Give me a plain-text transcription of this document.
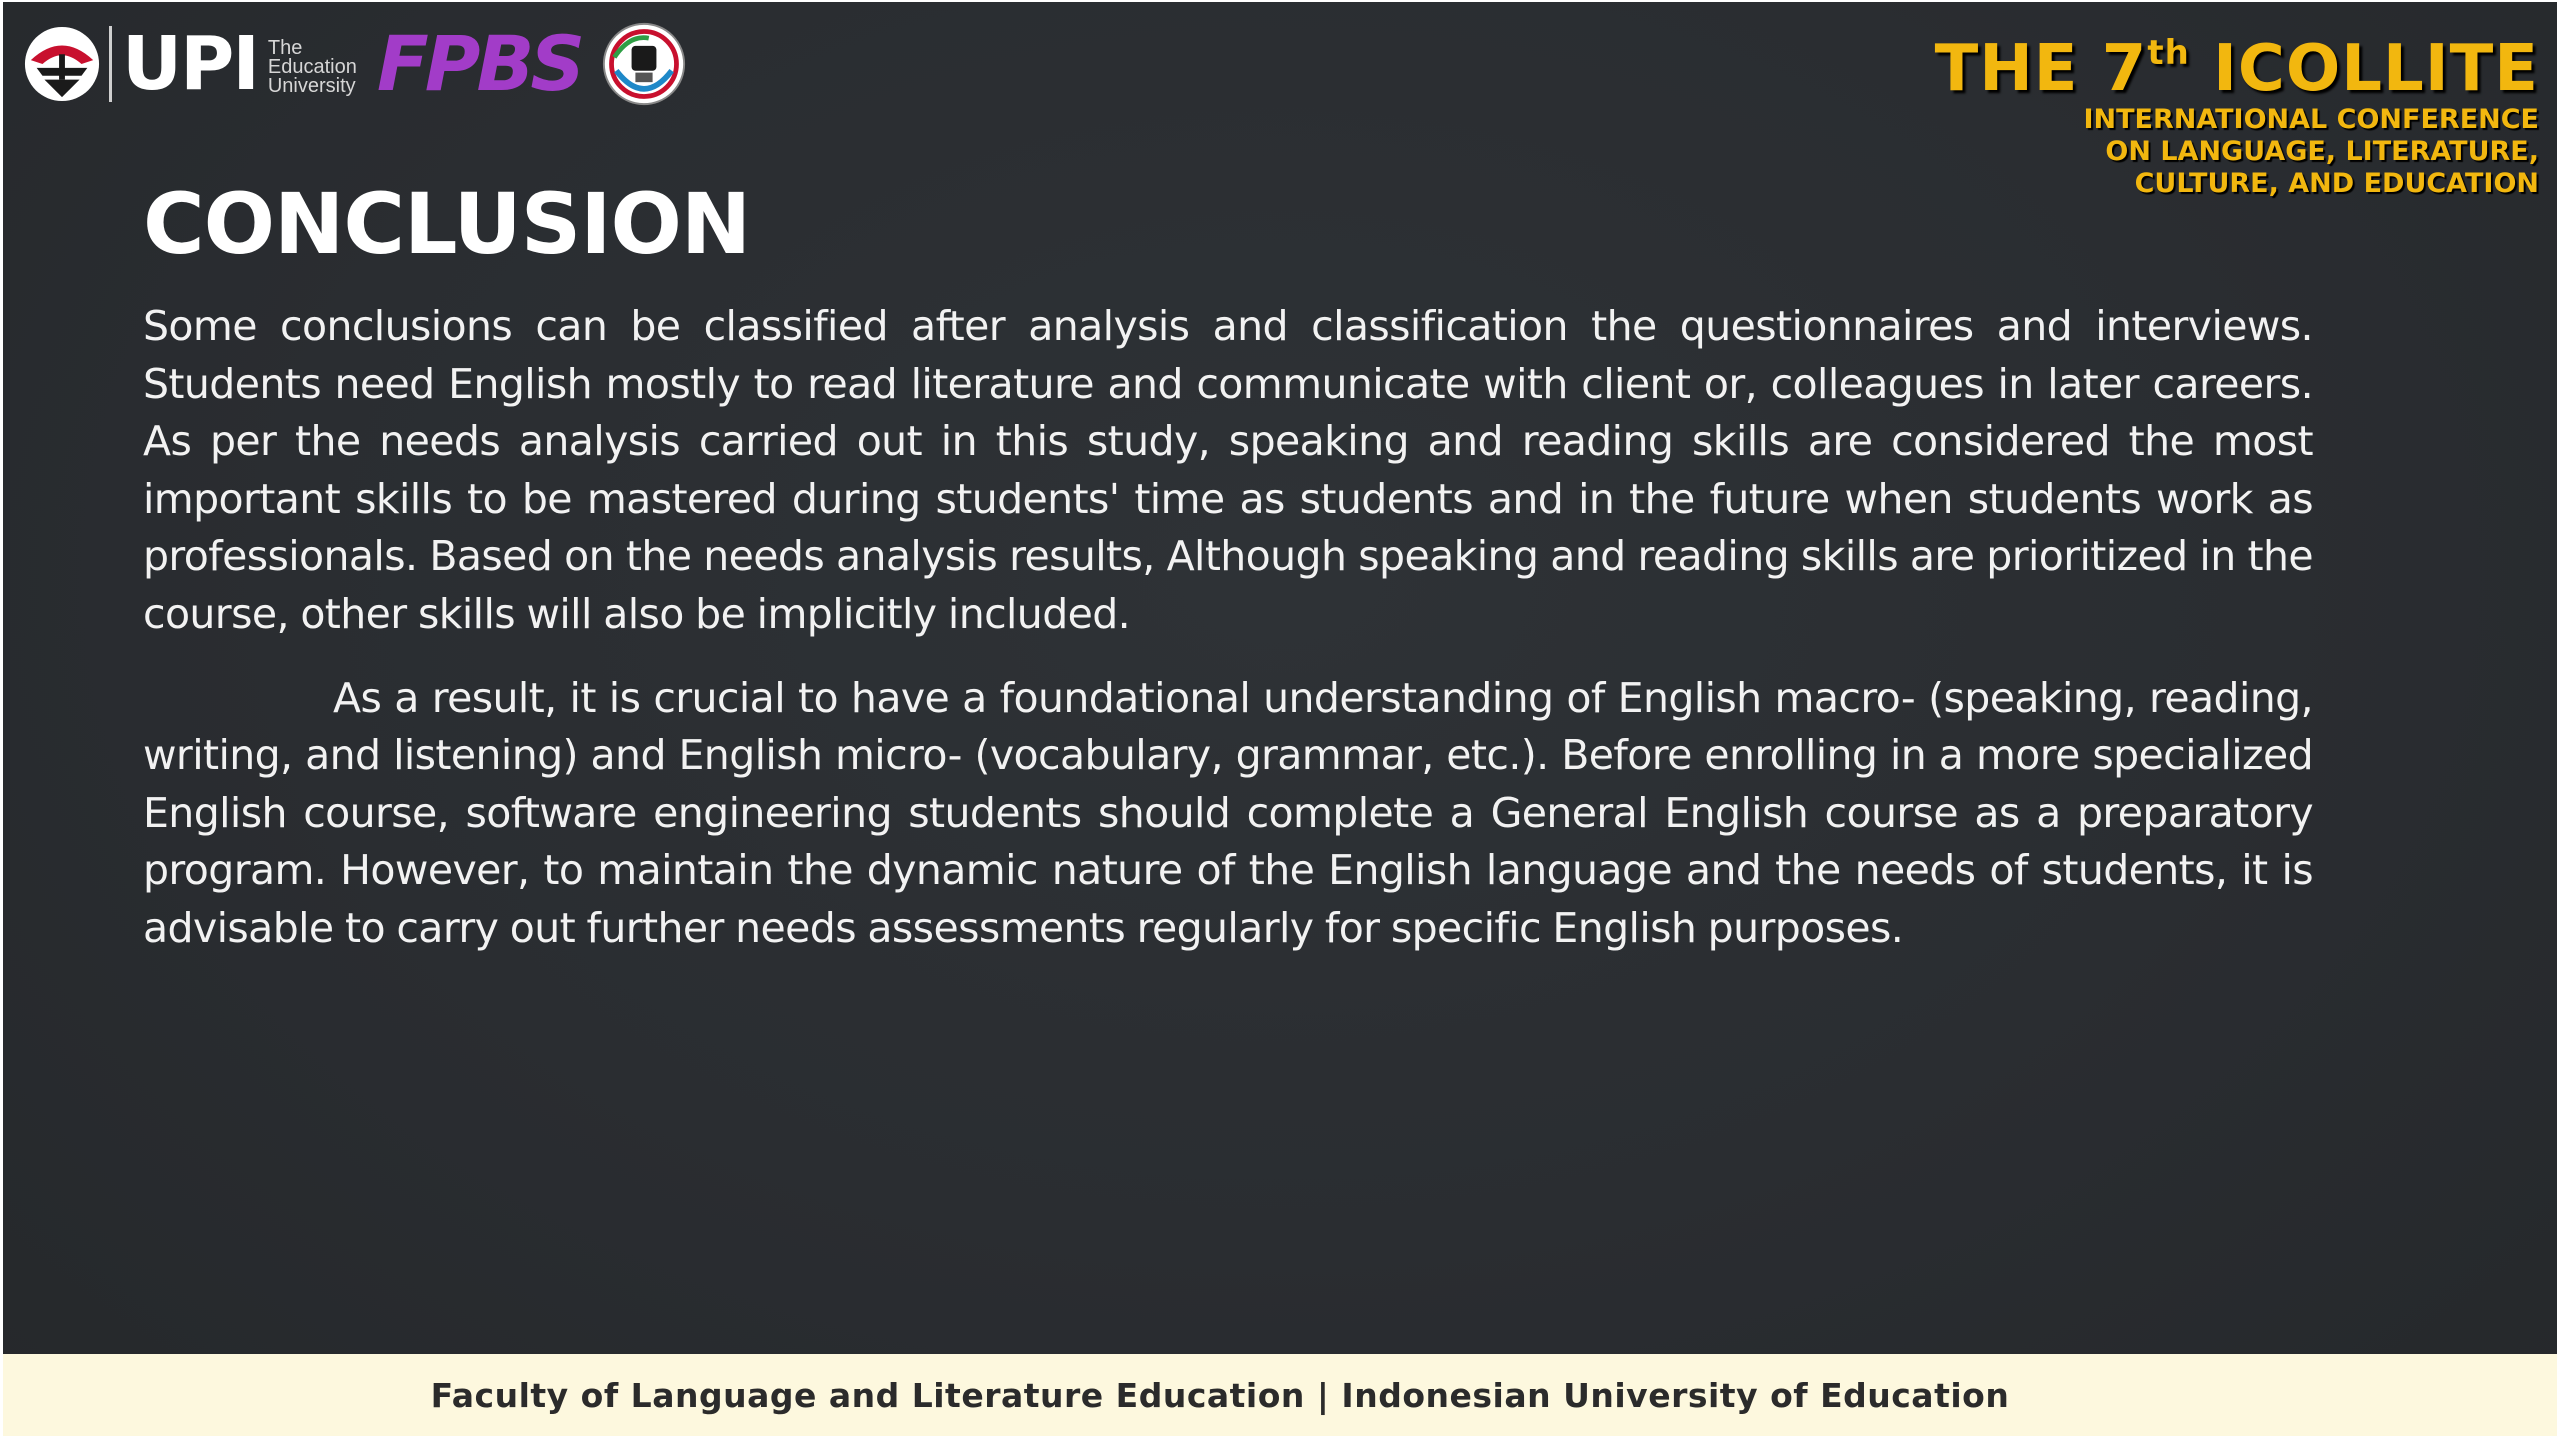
UPI The
Education
University FPBS	THE 7th ICOLLITE
INTERNATIONAL CONFERENCE
ON LANGUAGE, LITERATURE,
CULTURE, AND EDUCATION
CONCLUSION

Some conclusions can be classified after analysis and classification the questionnaires and interviews. Students need English mostly to read literature and communicate with client or, colleagues in later careers. As per the needs analysis carried out in this study, speaking and reading skills are considered the most important skills to be mastered during students' time as students and in the future when students work as professionals. Based on the needs analysis results, Although speaking and reading skills are prioritized in the course, other skills will also be implicitly included.

As a result, it is crucial to have a foundational understanding of English macro- (speaking, reading, writing, and listening) and English micro- (vocabulary, grammar, etc.). Before enrolling in a more specialized English course, software engineering students should complete a General English course as a preparatory program. However, to maintain the dynamic nature of the English language and the needs of students, it is advisable to carry out further needs assessments regularly for specific English purposes.

Faculty of Language and Literature Education | Indonesian University of Education
